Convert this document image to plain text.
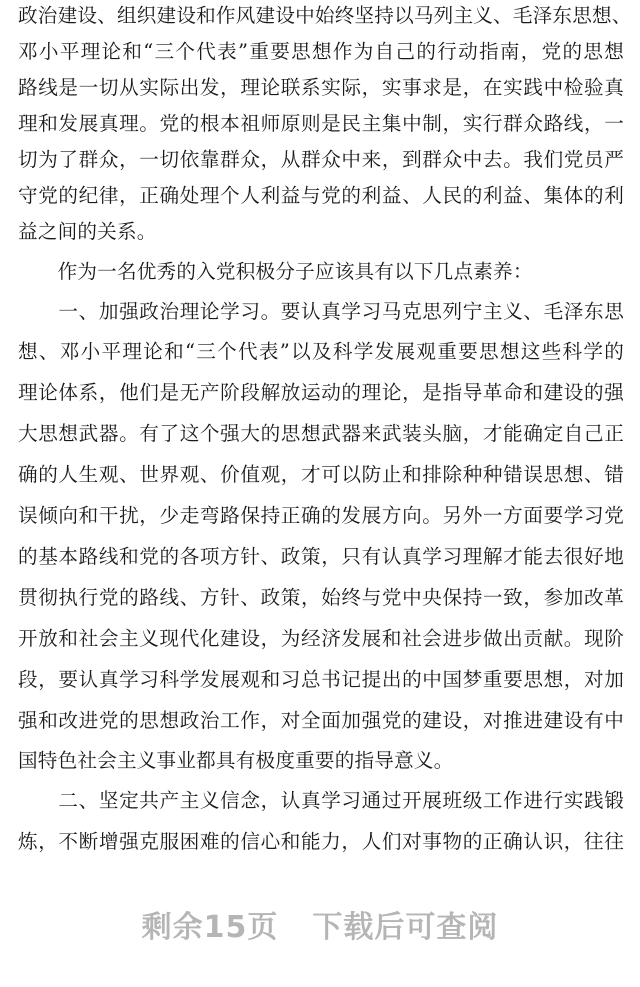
政治建设、组织建设和作风建设中始终坚持以马列主义、毛泽东思想、
邓小平理论和“三个代表”重要思想作为自己的行动指南，党的思想
路线是一切从实际出发，理论联系实际，实事求是，在实践中检验真
理和发展真理。党的根本祖师原则是民主集中制，实行群众路线，一
切为了群众，一切依靠群众，从群众中来，到群众中去。我们党员严
守党的纪律，正确处理个人利益与党的利益、人民的利益、集体的利
益之间的关系。
　　作为一名优秀的入党积极分子应该具有以下几点素养：
　　一、加强政治理论学习。要认真学习马克思列宁主义、毛泽东思
想、邓小平理论和“三个代表”以及科学发展观重要思想这些科学的
理论体系，他们是无产阶段解放运动的理论，是指导革命和建设的强
大思想武器。有了这个强大的思想武器来武装头脑，才能确定自己正
确的人生观、世界观、价值观，才可以防止和排除种种错误思想、错
误倾向和干扰，少走弯路保持正确的发展方向。另外一方面要学习党
的基本路线和党的各项方针、政策，只有认真学习理解才能去很好地
贯彻执行党的路线、方针、政策，始终与党中央保持一致，参加改革
开放和社会主义现代化建设，为经济发展和社会进步做出贡献。现阶
段，要认真学习科学发展观和习总书记提出的中国梦重要思想，对加
强和改进党的思想政治工作，对全面加强党的建设，对推进建设有中
国特色社会主义事业都具有极度重要的指导意义。
　　二、坚定共产主义信念，认真学习通过开展班级工作进行实践锻
炼，不断增强克服困难的信心和能力，人们对事物的正确认识，往往
剩余15页 下载后可查阅
